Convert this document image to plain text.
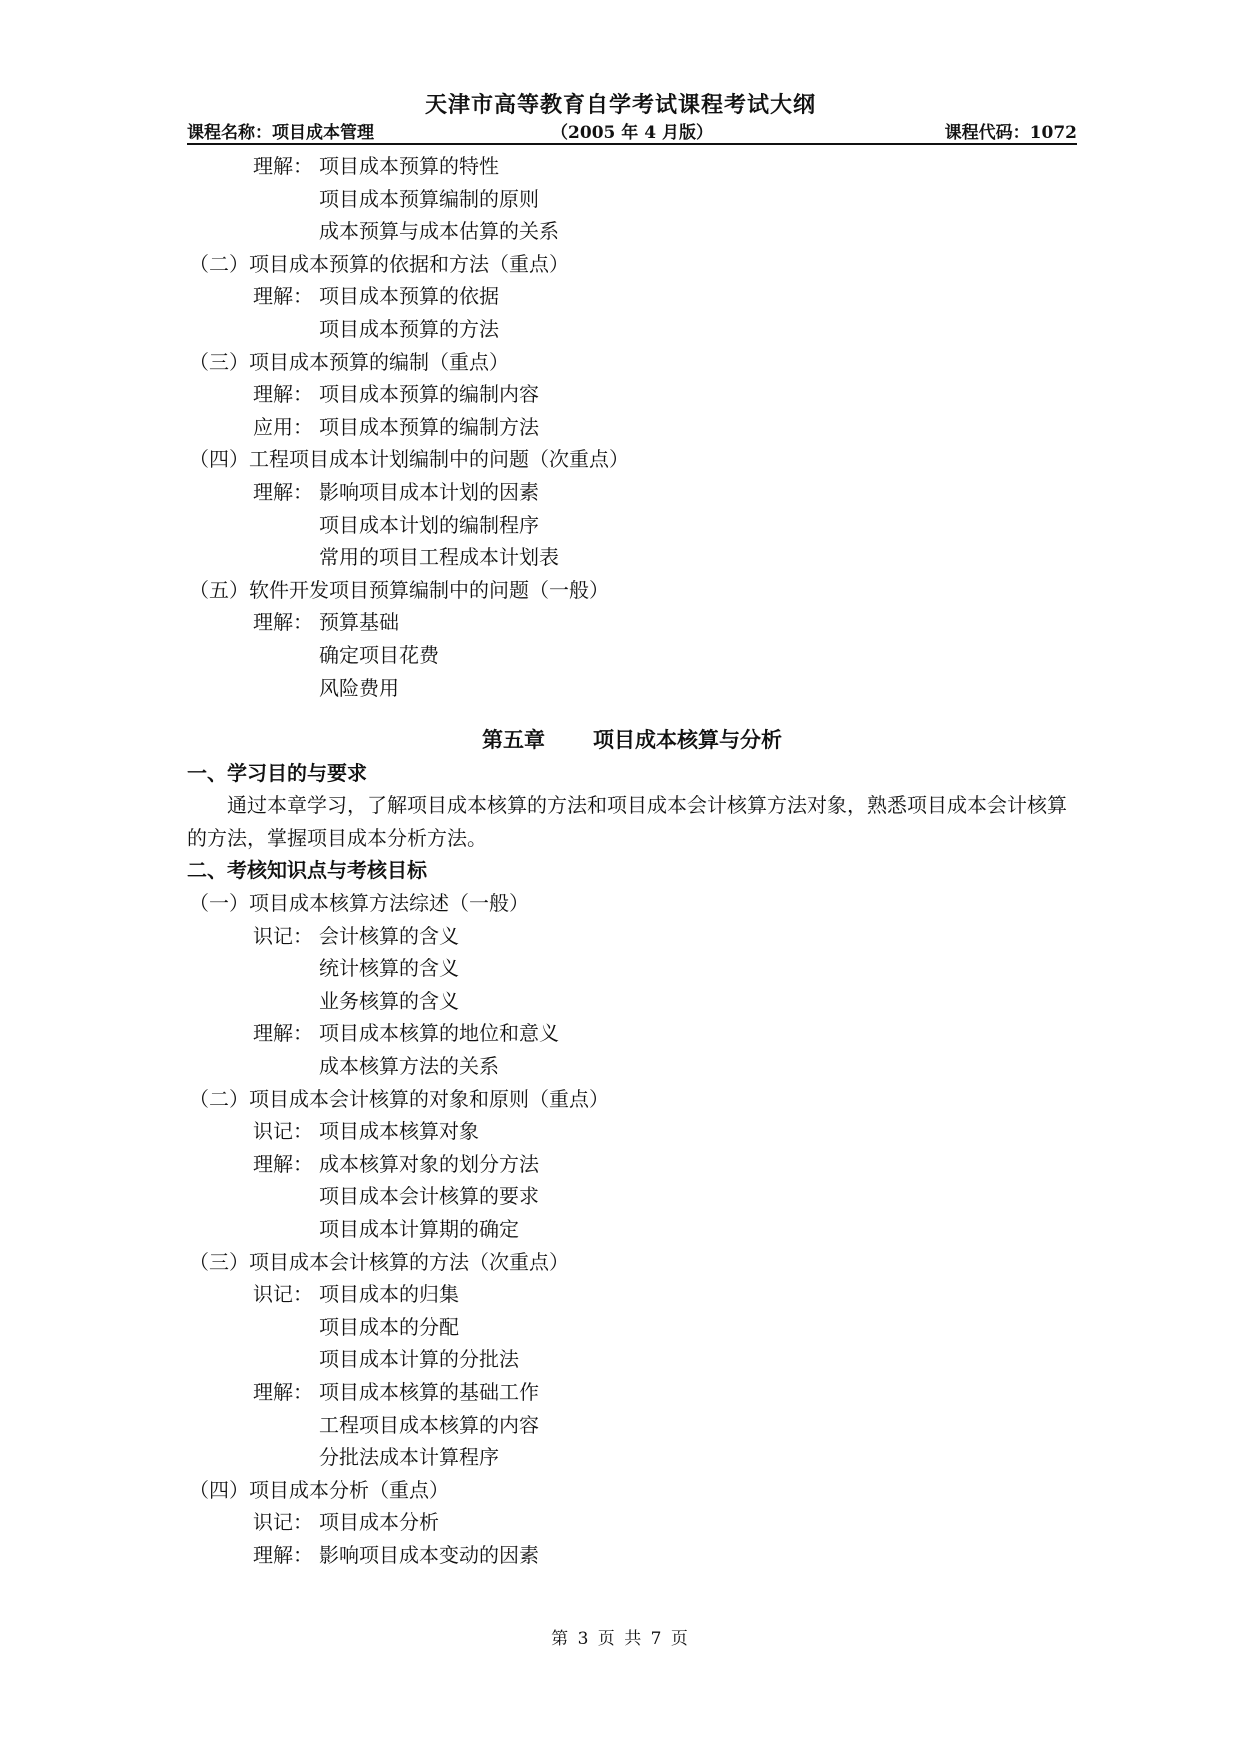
天津市高等教育自学考试课程考试大纲
课程名称：项目成本管理	（2005 年 4 月版）	课程代码：1072
理解： 项目成本预算的特性
项目成本预算编制的原则
成本预算与成本估算的关系
（二）项目成本预算的依据和方法（重点）
理解： 项目成本预算的依据
项目成本预算的方法
（三）项目成本预算的编制（重点）
理解： 项目成本预算的编制内容
应用： 项目成本预算的编制方法
（四）工程项目成本计划编制中的问题（次重点）
理解： 影响项目成本计划的因素
项目成本计划的编制程序
常用的项目工程成本计划表
（五）软件开发项目预算编制中的问题（一般）
理解： 预算基础
确定项目花费
风险费用
第五章 项目成本核算与分析
一、学习目的与要求
通过本章学习，了解项目成本核算的方法和项目成本会计核算方法对象，熟悉项目成本会计核算的方法，掌握项目成本分析方法。
二、考核知识点与考核目标
（一）项目成本核算方法综述（一般）
识记： 会计核算的含义
统计核算的含义
业务核算的含义
理解： 项目成本核算的地位和意义
成本核算方法的关系
（二）项目成本会计核算的对象和原则（重点）
识记： 项目成本核算对象
理解： 成本核算对象的划分方法
项目成本会计核算的要求
项目成本计算期的确定
（三）项目成本会计核算的方法（次重点）
识记： 项目成本的归集
项目成本的分配
项目成本计算的分批法
理解： 项目成本核算的基础工作
工程项目成本核算的内容
分批法成本计算程序
（四）项目成本分析（重点）
识记： 项目成本分析
理解： 影响项目成本变动的因素
第 3 页 共 7 页
